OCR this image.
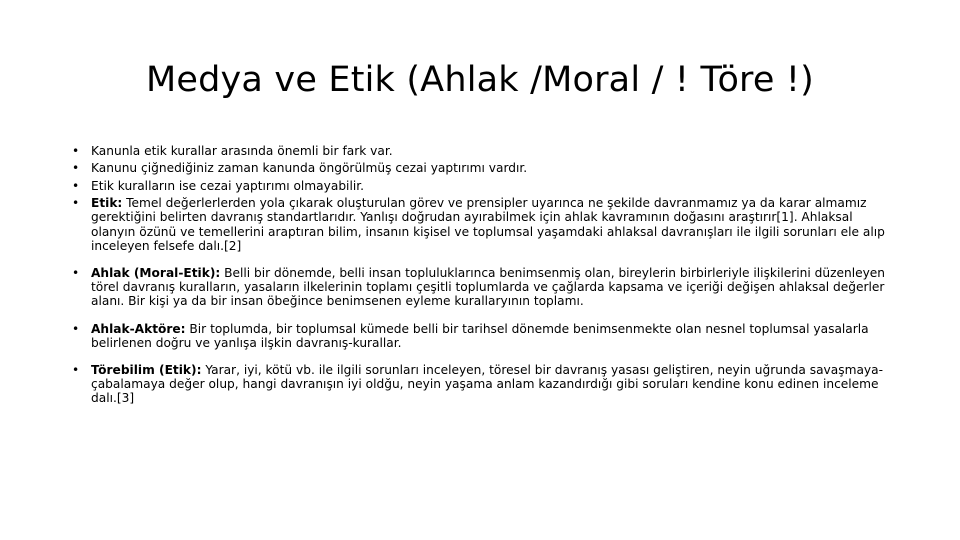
Medya ve Etik (Ahlak /Moral / ! Töre !)
• Kanunla etik kurallar arasında önemli bir fark var.
• Kanunu çiğnediğiniz zaman kanunda öngörülmüş cezai yaptırımı vardır.
• Etik kuralların ise cezai yaptırımı olmayabilir.
• Etik: Temel değerlerlerden yola çıkarak oluşturulan görev ve prensipler uyarınca ne şekilde davranmamız ya da karar almamız gerektiğini belirten davranış standartlarıdır. Yanlışı doğrudan ayırabilmek için ahlak kavramının doğasını araştırır[1]. Ahlaksal olanyın özünü ve temellerini araptıran bilim, insanın kişisel ve toplumsal yaşamdaki ahlaksal davranışları ile ilgili sorunları ele alıp inceleyen felsefe dalı.[2]
• Ahlak (Moral-Etik): Belli bir dönemde, belli insan topluluklarınca benimsenmiş olan, bireylerin birbirleriyle ilişkilerini düzenleyen törel davranış kuralların, yasaların ilkelerinin toplamı çeşitli toplumlarda ve çağlarda kapsama ve içeriği değişen ahlaksal değerler alanı. Bir kişi ya da bir insan öbeğince benimsenen eyleme kurallaryının toplamı.
• Ahlak-Aktöre: Bir toplumda, bir toplumsal kümede belli bir tarihsel dönemde benimsenmekte olan nesnel toplumsal yasalarla belirlenen doğru ve yanlışa ilşkin davranış-kurallar.
• Törebilim (Etik): Yarar, iyi, kötü vb. ile ilgili sorunları inceleyen, töresel bir davranış yasası geliştiren, neyin uğrunda savaşmaya-çabalamaya değer olup, hangi davranışın iyi oldğu, neyin yaşama anlam kazandırdığı gibi soruları kendine konu edinen inceleme dalı.[3]
